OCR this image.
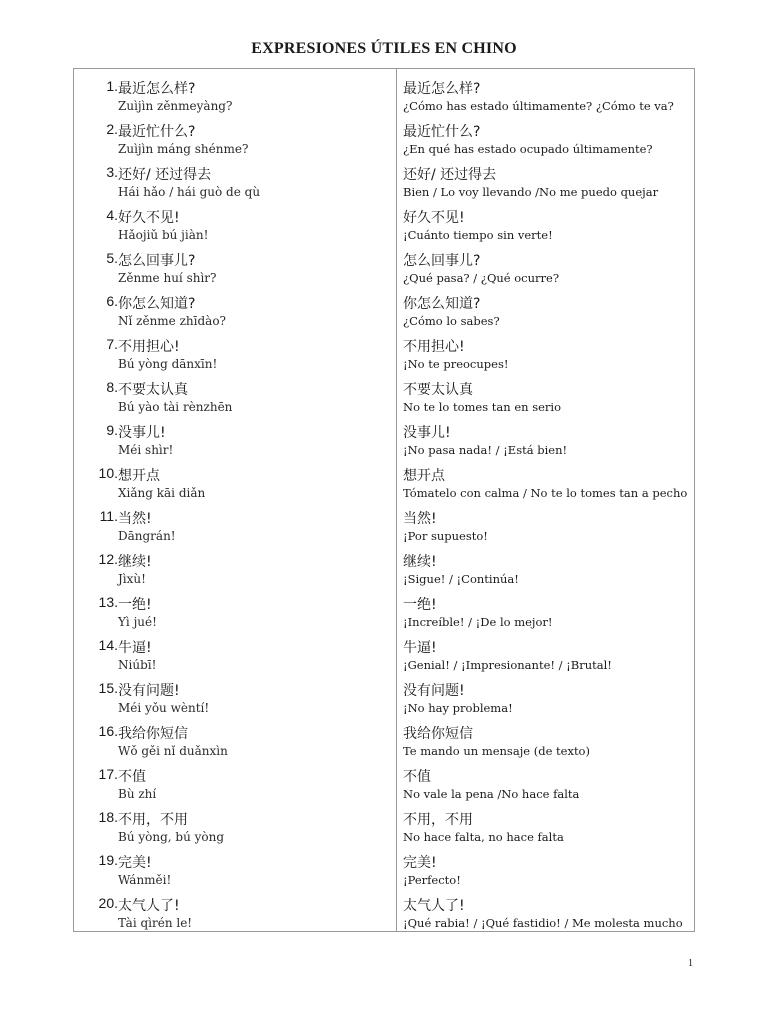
EXPRESIONES ÚTILES EN CHINO
1. 最近怎么样?
Zuìjìn zěnmeyàng?
2. 最近忙什么?
Zuìjìn máng shénme?
3. 还好/ 还过得去
Hái hǎo / hái guò de qù
4. 好久不见!
Hǎojiǔ bú jiàn!
5. 怎么回事儿?
Zěnme huí shìr?
6. 你怎么知道?
Nǐ zěnme zhīdào?
7. 不用担心!
Bú yòng dānxīn!
8. 不要太认真
Bú yào tài rènzhēn
9. 没事儿!
Méi shìr!
10. 想开点
Xiǎng kāi diǎn
11. 当然!
Dāngrán!
12. 继续!
Jìxù!
13. 一绝!
Yì jué!
14. 牛逼!
Niúbī!
15. 没有问题!
Méi yǒu wèntí!
16. 我给你短信
Wǒ gěi nǐ duǎnxìn
17. 不值
Bù zhí
18. 不用，不用
Bú yòng, bú yòng
19. 完美!
Wánměi!
20. 太气人了!
Tài qìrén le!
最近怎么样?
¿Cómo has estado últimamente? ¿Cómo te va?
最近忙什么?
¿En qué has estado ocupado últimamente?
还好/ 还过得去
Bien / Lo voy llevando /No me puedo quejar
好久不见!
¡Cuánto tiempo sin verte!
怎么回事儿?
¿Qué pasa? / ¿Qué ocurre?
你怎么知道?
¿Cómo lo sabes?
不用担心!
¡No te preocupes!
不要太认真
No te lo tomes tan en serio
没事儿!
¡No pasa nada! / ¡Está bien!
想开点
Tómatelo con calma / No te lo tomes tan a pecho
当然!
¡Por supuesto!
继续!
¡Sigue! / ¡Continúa!
一绝!
¡Increíble! / ¡De lo mejor!
牛逼!
¡Genial! / ¡Impresionante! / ¡Brutal!
没有问题!
¡No hay problema!
我给你短信
Te mando un mensaje (de texto)
不值
No vale la pena /No hace falta
不用，不用
No hace falta, no hace falta
完美!
¡Perfecto!
太气人了!
¡Qué rabia! / ¡Qué fastidio! / Me molesta mucho
1
